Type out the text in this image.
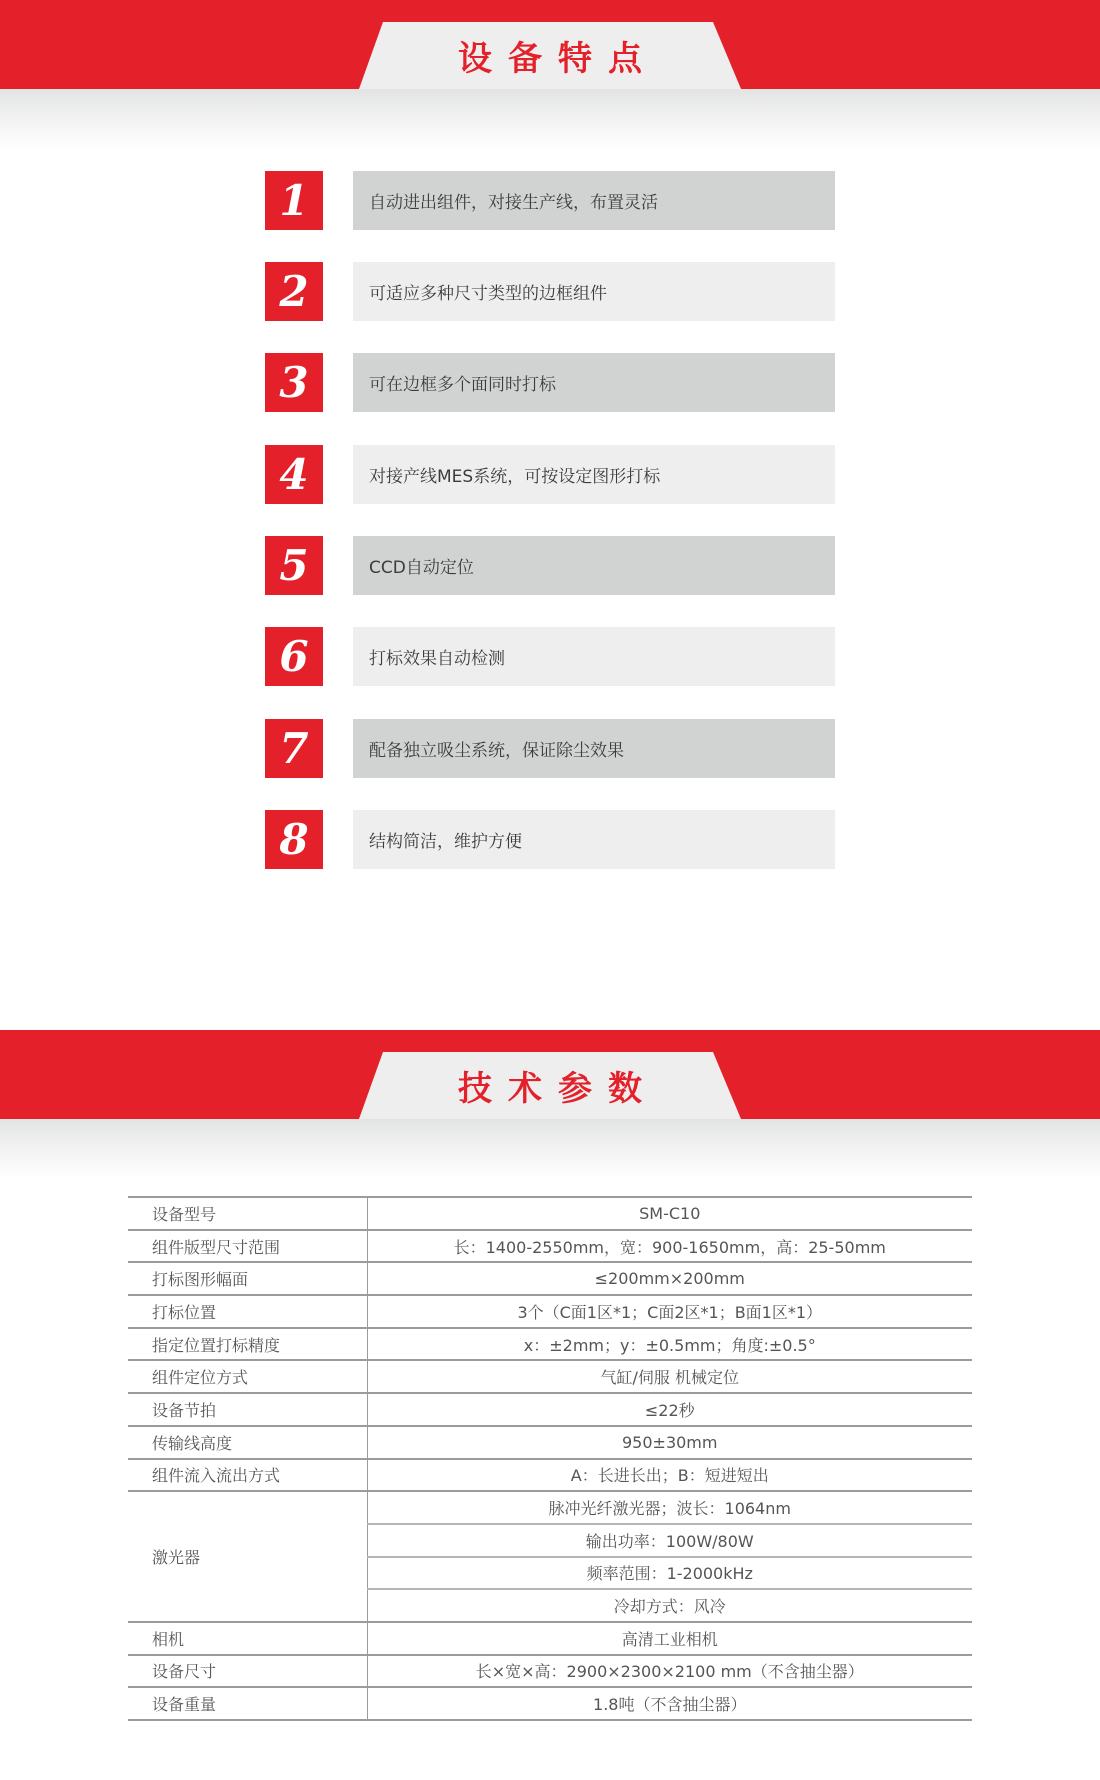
设备特点
1	自动进出组件，对接生产线，布置灵活
2	可适应多种尺寸类型的边框组件
3	可在边框多个面同时打标
4	对接产线MES系统，可按设定图形打标
5	CCD自动定位
6	打标效果自动检测
7	配备独立吸尘系统，保证除尘效果
8	结构简洁，维护方便
技术参数
设备型号	SM-C10
组件版型尺寸范围	长：1400-2550mm，宽：900-1650mm，高：25-50mm
打标图形幅面	≤200mm×200mm
打标位置	3个（C面1区*1；C面2区*1；B面1区*1）
指定位置打标精度	x：±2mm；y：±0.5mm；角度:±0.5°
组件定位方式	气缸/伺服 机械定位
设备节拍	≤22秒
传输线高度	950±30mm
组件流入流出方式	A：长进长出；B：短进短出
激光器	脉冲光纤激光器；波长：1064nm
	输出功率：100W/80W
	频率范围：1-2000kHz
	冷却方式：风冷
相机	高清工业相机
设备尺寸	长×宽×高：2900×2300×2100 mm（不含抽尘器）
设备重量	1.8吨（不含抽尘器）
